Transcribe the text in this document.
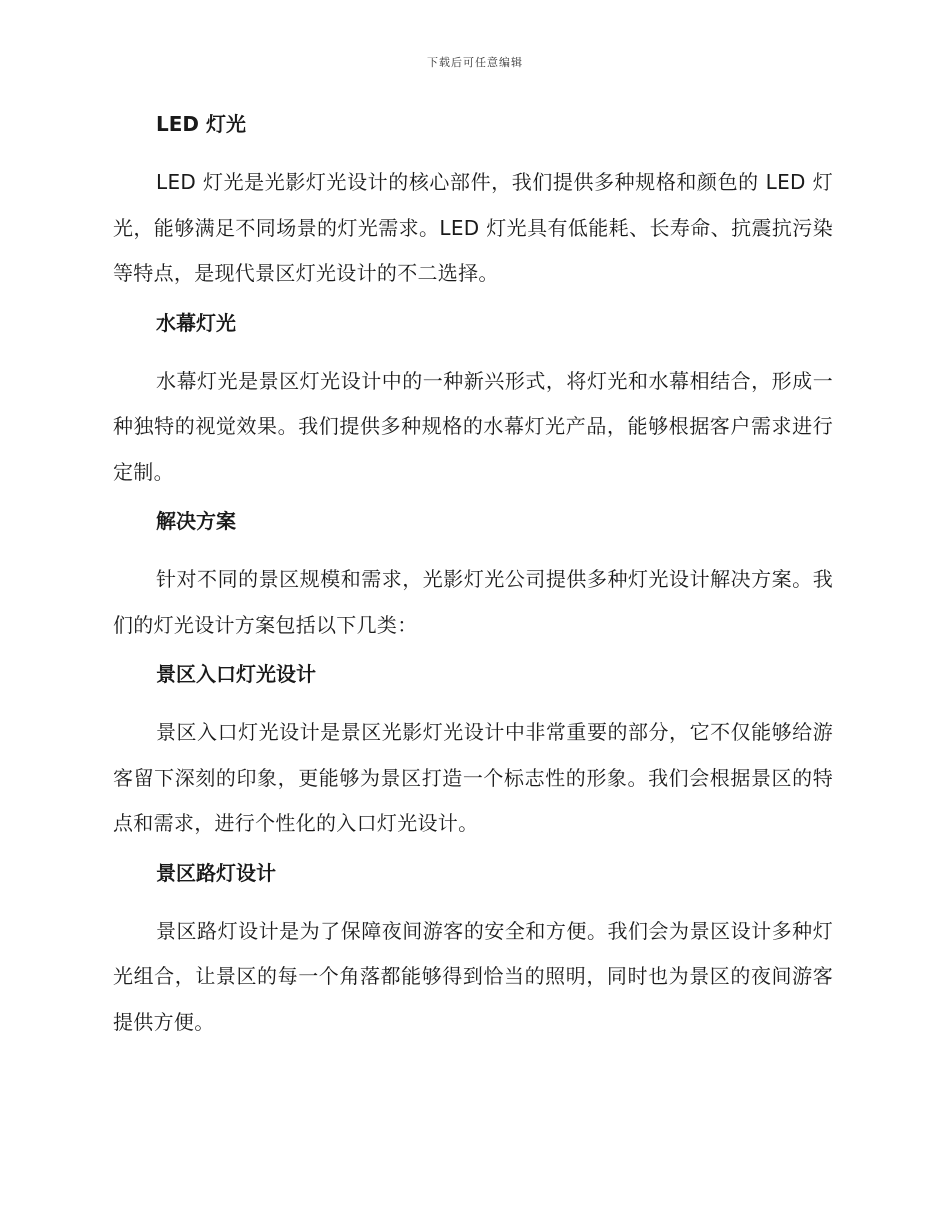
下载后可任意编辑
LED 灯光

LED 灯光是光影灯光设计的核心部件，我们提供多种规格和颜色的 LED 灯光，能够满足不同场景的灯光需求。LED 灯光具有低能耗、长寿命、抗震抗污染等特点，是现代景区灯光设计的不二选择。

水幕灯光

水幕灯光是景区灯光设计中的一种新兴形式，将灯光和水幕相结合，形成一种独特的视觉效果。我们提供多种规格的水幕灯光产品，能够根据客户需求进行定制。

解决方案

针对不同的景区规模和需求，光影灯光公司提供多种灯光设计解决方案。我们的灯光设计方案包括以下几类：

景区入口灯光设计

景区入口灯光设计是景区光影灯光设计中非常重要的部分，它不仅能够给游客留下深刻的印象，更能够为景区打造一个标志性的形象。我们会根据景区的特点和需求，进行个性化的入口灯光设计。

景区路灯设计

景区路灯设计是为了保障夜间游客的安全和方便。我们会为景区设计多种灯光组合，让景区的每一个角落都能够得到恰当的照明，同时也为景区的夜间游客提供方便。
